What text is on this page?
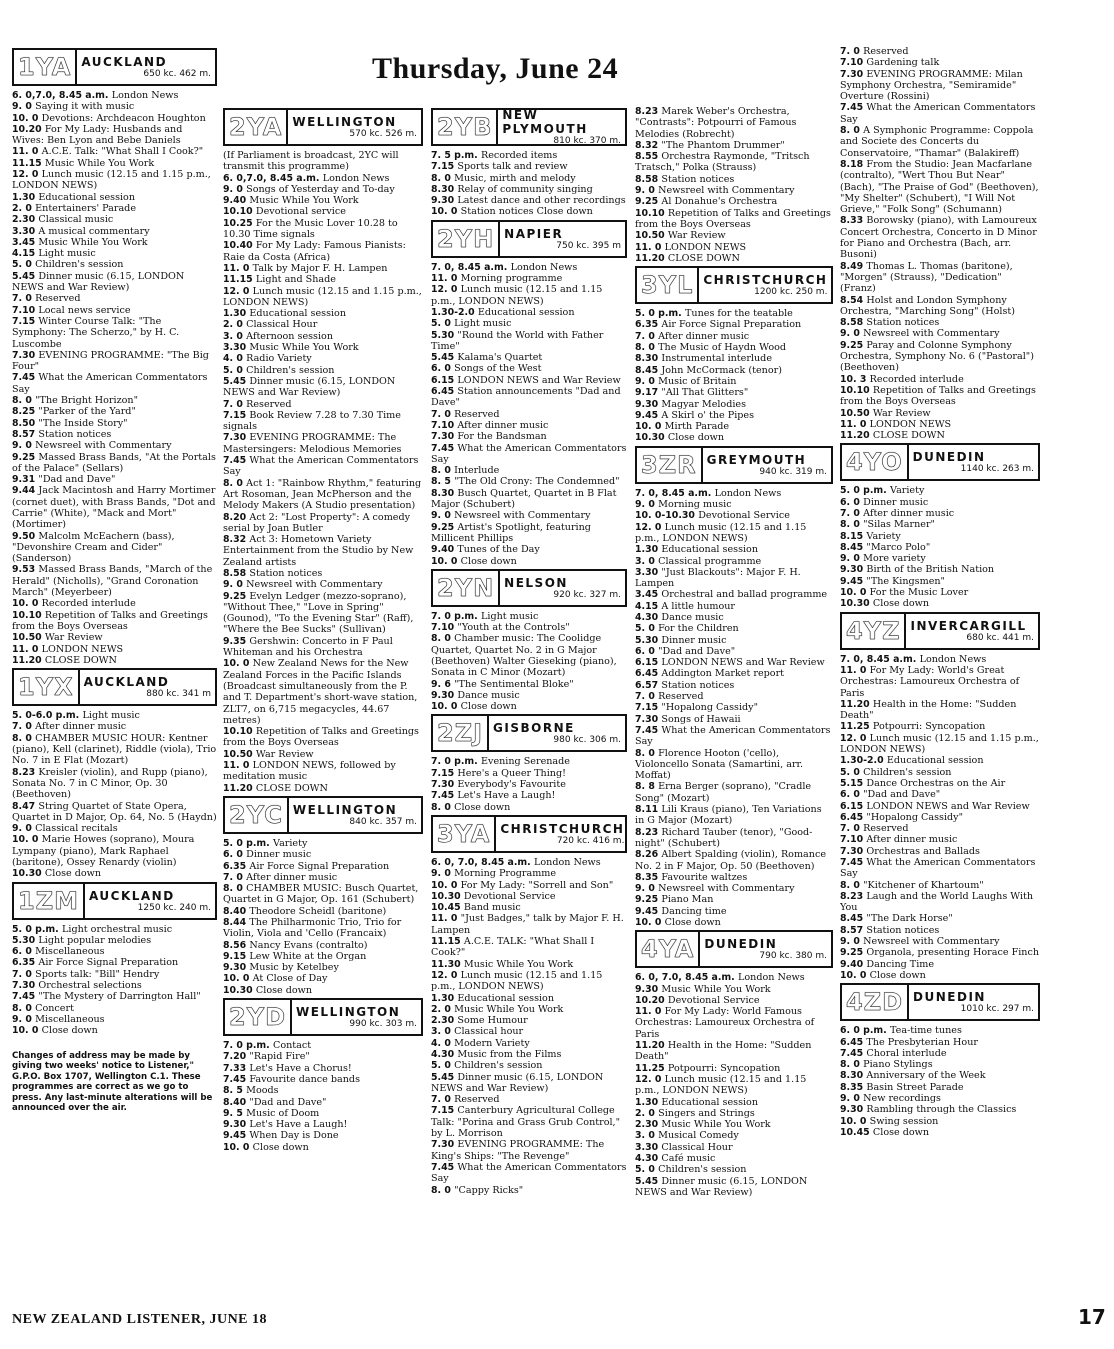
Thursday, June 24
1YA AUCKLAND
650 kc. 462 m.

6. 0,7.0, 8.45 a.m. London News

9. 0 Saying it with music

10. 0 Devotions: Archdeacon Houghton

10.20 For My Lady: Husbands and Wives: Ben Lyon and Bebe Daniels

11. 0 A.C.E. Talk: "What Shall I Cook?"

11.15 Music While You Work

12. 0 Lunch music (12.15 and 1.15 p.m., LONDON NEWS)

1.30 Educational session

2. 0 Entertainers' Parade

2.30 Classical music

3.30 A musical commentary

3.45 Music While You Work

4.15 Light music

5. 0 Children's session

5.45 Dinner music (6.15, LONDON NEWS and War Review)

7. 0 Reserved

7.10 Local news service

7.15 Winter Course Talk: "The Symphony: The Scherzo," by H. C. Luscombe

7.30 EVENING PROGRAMME: "The Big Four"

7.45 What the American Commentators Say

8. 0 "The Bright Horizon"

8.25 "Parker of the Yard"

8.50 "The Inside Story"

8.57 Station notices

9. 0 Newsreel with Commentary

9.25 Massed Brass Bands, "At the Portals of the Palace" (Sellars)

9.31 "Dad and Dave"

9.44 Jack Macintosh and Harry Mortimer (cornet duet), with Brass Bands, "Dot and Carrie" (White), "Mack and Mort" (Mortimer)

9.50 Malcolm McEachern (bass), "Devonshire Cream and Cider" (Sanderson)

9.53 Massed Brass Bands, "March of the Herald" (Nicholls), "Grand Coronation March" (Meyerbeer)

10. 0 Recorded interlude

10.10 Repetition of Talks and Greetings from the Boys Overseas

10.50 War Review

11. 0 LONDON NEWS

11.20 CLOSE DOWN

1YX AUCKLAND
880 kc. 341 m

5. 0-6.0 p.m. Light music

7. 0 After dinner music

8. 0 CHAMBER MUSIC HOUR: Kentner (piano), Kell (clarinet), Riddle (viola), Trio No. 7 in E Flat (Mozart)

8.23 Kreisler (violin), and Rupp (piano), Sonata No. 7 in C Minor, Op. 30 (Beethoven)

8.47 String Quartet of State Opera, Quartet in D Major, Op. 64, No. 5 (Haydn)

9. 0 Classical recitals

10. 0 Marie Howes (soprano), Moura Lympany (piano), Mark Raphael (baritone), Ossey Renardy (violin)

10.30 Close down

1ZM AUCKLAND
1250 kc. 240 m.

5. 0 p.m. Light orchestral music

5.30 Light popular melodies

6. 0 Miscellaneous

6.35 Air Force Signal Preparation

7. 0 Sports talk: "Bill" Hendry

7.30 Orchestral selections

7.45 "The Mystery of Darrington Hall"

8. 0 Concert

9. 0 Miscellaneous

10. 0 Close down

Changes of address may be made by giving two weeks' notice to Listener," G.P.O. Box 1707, Wellington C.1. These programmes are correct as we go to press. Any last-minute alterations will be announced over the air.
2YA WELLINGTON
570 kc. 526 m.

(If Parliament is broadcast, 2YC will transmit this programme)

6. 0,7.0, 8.45 a.m. London News

9. 0 Songs of Yesterday and To-day

9.40 Music While You Work

10.10 Devotional service

10.25 For the Music Lover 10.28 to 10.30 Time signals

10.40 For My Lady: Famous Pianists: Raie da Costa (Africa)

11. 0 Talk by Major F. H. Lampen

11.15 Light and Shade

12. 0 Lunch music (12.15 and 1.15 p.m., LONDON NEWS)

1.30 Educational session

2. 0 Classical Hour

3. 0 Afternoon session

3.30 Music While You Work

4. 0 Radio Variety

5. 0 Children's session

5.45 Dinner music (6.15, LONDON NEWS and War Review)

7. 0 Reserved

7.15 Book Review 7.28 to 7.30 Time signals

7.30 EVENING PROGRAMME: The Mastersingers: Melodious Memories

7.45 What the American Commentators Say

8. 0 Act 1: "Rainbow Rhythm," featuring Art Rosoman, Jean McPherson and the Melody Makers (A Studio presentation)

8.20 Act 2: "Lost Property": A comedy serial by Joan Butler

8.32 Act 3: Hometown Variety Entertainment from the Studio by New Zealand artists

8.58 Station notices

9. 0 Newsreel with Commentary

9.25 Evelyn Ledger (mezzo-soprano), "Without Thee," "Love in Spring" (Gounod), "To the Evening Star" (Raff), "Where the Bee Sucks" (Sullivan)

9.35 Gershwin: Concerto in F Paul Whiteman and his Orchestra

10. 0 New Zealand News for the New Zealand Forces in the Pacific Islands (Broadcast simultaneously from the P. and T. Department's short-wave station, ZLT7, on 6,715 megacycles, 44.67 metres)

10.10 Repetition of Talks and Greetings from the Boys Overseas

10.50 War Review

11. 0 LONDON NEWS, followed by meditation music

11.20 CLOSE DOWN

2YC WELLINGTON
840 kc. 357 m.

5. 0 p.m. Variety

6. 0 Dinner music

6.35 Air Force Signal Preparation

7. 0 After dinner music

8. 0 CHAMBER MUSIC: Busch Quartet, Quartet in G Major, Op. 161 (Schubert)

8.40 Theodore Scheidl (baritone)

8.44 The Philharmonic Trio, Trio for Violin, Viola and 'Cello (Francaix)

8.56 Nancy Evans (contralto)

9.15 Lew White at the Organ

9.30 Music by Ketelbey

10. 0 At Close of Day

10.30 Close down

2YD WELLINGTON
990 kc. 303 m.

7. 0 p.m. Contact

7.20 "Rapid Fire"

7.33 Let's Have a Chorus!

7.45 Favourite dance bands

8. 5 Moods

8.40 "Dad and Dave"

9. 5 Music of Doom

9.30 Let's Have a Laugh!

9.45 When Day is Done

10. 0 Close down

2YB NEW PLYMOUTH
810 kc. 370 m.

7. 5 p.m. Recorded items

7.15 Sports talk and review

8. 0 Music, mirth and melody

8.30 Relay of community singing

9.30 Latest dance and other recordings

10. 0 Station notices Close down

2YH NAPIER
750 kc. 395 m

7. 0, 8.45 a.m. London News

11. 0 Morning programme

12. 0 Lunch music (12.15 and 1.15 p.m., LONDON NEWS)

1.30-2.0 Educational session

5. 0 Light music

5.30 "Round the World with Father Time"

5.45 Kalama's Quartet

6. 0 Songs of the West

6.15 LONDON NEWS and War Review

6.45 Station announcements "Dad and Dave"

7. 0 Reserved

7.10 After dinner music

7.30 For the Bandsman

7.45 What the American Commentators Say

8. 0 Interlude

8. 5 "The Old Crony: The Condemned"

8.30 Busch Quartet, Quartet in B Flat Major (Schubert)

9. 0 Newsreel with Commentary

9.25 Artist's Spotlight, featuring Millicent Phillips

9.40 Tunes of the Day

10. 0 Close down

2YN NELSON
920 kc. 327 m.

7. 0 p.m. Light music

7.10 "Youth at the Controls"

8. 0 Chamber music: The Coolidge Quartet, Quartet No. 2 in G Major (Beethoven) Walter Gieseking (piano), Sonata in C Minor (Mozart)

9. 6 "The Sentimental Bloke"

9.30 Dance music

10. 0 Close down

2ZJ GISBORNE
980 kc. 306 m.

7. 0 p.m. Evening Serenade

7.15 Here's a Queer Thing!

7.30 Everybody's Favourite

7.45 Let's Have a Laugh!

8. 0 Close down

3YA CHRISTCHURCH
720 kc. 416 m.

6. 0, 7.0, 8.45 a.m. London News

9. 0 Morning Programme

10. 0 For My Lady: "Sorrell and Son"

10.30 Devotional Service

10.45 Band music

11. 0 "Just Badges," talk by Major F. H. Lampen

11.15 A.C.E. TALK: "What Shall I Cook?"

11.30 Music While You Work

12. 0 Lunch music (12.15 and 1.15 p.m., LONDON NEWS)

1.30 Educational session

2. 0 Music While You Work

2.30 Some Humour

3. 0 Classical hour

4. 0 Modern Variety

4.30 Music from the Films

5. 0 Children's session

5.45 Dinner music (6.15, LONDON NEWS and War Review)

7. 0 Reserved

7.15 Canterbury Agricultural College Talk: "Porina and Grass Grub Control," by L. Morrison

7.30 EVENING PROGRAMME: The King's Ships: "The Revenge"

7.45 What the American Commentators Say

8. 0 "Cappy Ricks"

8.23 Marek Weber's Orchestra, "Contrasts": Potpourri of Famous Melodies (Robrecht)

8.32 "The Phantom Drummer"

8.55 Orchestra Raymonde, "Tritsch Tratsch," Polka (Strauss)

8.58 Station notices

9. 0 Newsreel with Commentary

9.25 Al Donahue's Orchestra

10.10 Repetition of Talks and Greetings from the Boys Overseas

10.50 War Review

11. 0 LONDON NEWS

11.20 CLOSE DOWN

3YL CHRISTCHURCH
1200 kc. 250 m.

5. 0 p.m. Tunes for the teatable

6.35 Air Force Signal Preparation

7. 0 After dinner music

8. 0 The Music of Haydn Wood

8.30 Instrumental interlude

8.45 John McCormack (tenor)

9. 0 Music of Britain

9.17 "All That Glitters"

9.30 Magyar Melodies

9.45 A Skirl o' the Pipes

10. 0 Mirth Parade

10.30 Close down

3ZR GREYMOUTH
940 kc. 319 m.

7. 0, 8.45 a.m. London News

9. 0 Morning music

10. 0-10.30 Devotional Service

12. 0 Lunch music (12.15 and 1.15 p.m., LONDON NEWS)

1.30 Educational session

3. 0 Classical programme

3.30 "Just Blackouts": Major F. H. Lampen

3.45 Orchestral and ballad programme

4.15 A little humour

4.30 Dance music

5. 0 For the Children

5.30 Dinner music

6. 0 "Dad and Dave"

6.15 LONDON NEWS and War Review

6.45 Addington Market report

6.57 Station notices

7. 0 Reserved

7.15 "Hopalong Cassidy"

7.30 Songs of Hawaii

7.45 What the American Commentators Say

8. 0 Florence Hooton ('cello), Violoncello Sonata (Samartini, arr. Moffat)

8. 8 Erna Berger (soprano), "Cradle Song" (Mozart)

8.11 Lili Kraus (piano), Ten Variations in G Major (Mozart)

8.23 Richard Tauber (tenor), "Good-night" (Schubert)

8.26 Albert Spalding (violin), Romance No. 2 in F Major, Op. 50 (Beethoven)

8.35 Favourite waltzes

9. 0 Newsreel with Commentary

9.25 Piano Man

9.45 Dancing time

10. 0 Close down

4YA DUNEDIN
790 kc. 380 m.

6. 0, 7.0, 8.45 a.m. London News

9.30 Music While You Work

10.20 Devotional Service

11. 0 For My Lady: World Famous Orchestras: Lamoureux Orchestra of Paris

11.20 Health in the Home: "Sudden Death"

11.25 Potpourri: Syncopation

12. 0 Lunch music (12.15 and 1.15 p.m., LONDON NEWS)

1.30 Educational session

2. 0 Singers and Strings

2.30 Music While You Work

3. 0 Musical Comedy

3.30 Classical Hour

4.30 Café music

5. 0 Children's session

5.45 Dinner music (6.15, LONDON NEWS and War Review)

7. 0 Reserved

7.10 Gardening talk

7.30 EVENING PROGRAMME: Milan Symphony Orchestra, "Semiramide" Overture (Rossini)

7.45 What the American Commentators Say

8. 0 A Symphonic Programme: Coppola and Societe des Concerts du Conservatoire, "Thamar" (Balakireff)

8.18 From the Studio: Jean Macfarlane (contralto), "Wert Thou But Near" (Bach), "The Praise of God" (Beethoven), "My Shelter" (Schubert), "I Will Not Grieve," "Folk Song" (Schumann)

8.33 Borowsky (piano), with Lamoureux Concert Orchestra, Concerto in D Minor for Piano and Orchestra (Bach, arr. Busoni)

8.49 Thomas L. Thomas (baritone), "Morgen" (Strauss), "Dedication" (Franz)

8.54 Holst and London Symphony Orchestra, "Marching Song" (Holst)

8.58 Station notices

9. 0 Newsreel with Commentary

9.25 Paray and Colonne Symphony Orchestra, Symphony No. 6 ("Pastoral") (Beethoven)

10. 3 Recorded interlude

10.10 Repetition of Talks and Greetings from the Boys Overseas

10.50 War Review

11. 0 LONDON NEWS

11.20 CLOSE DOWN

4YO DUNEDIN
1140 kc. 263 m.

5. 0 p.m. Variety

6. 0 Dinner music

7. 0 After dinner music

8. 0 "Silas Marner"

8.15 Variety

8.45 "Marco Polo"

9. 0 More variety

9.30 Birth of the British Nation

9.45 "The Kingsmen"

10. 0 For the Music Lover

10.30 Close down

4YZ INVERCARGILL
680 kc. 441 m.

7. 0, 8.45 a.m. London News

11. 0 For My Lady: World's Great Orchestras: Lamoureux Orchestra of Paris

11.20 Health in the Home: "Sudden Death"

11.25 Potpourri: Syncopation

12. 0 Lunch music (12.15 and 1.15 p.m., LONDON NEWS)

1.30-2.0 Educational session

5. 0 Children's session

5.15 Dance Orchestras on the Air

6. 0 "Dad and Dave"

6.15 LONDON NEWS and War Review

6.45 "Hopalong Cassidy"

7. 0 Reserved

7.10 After dinner music

7.30 Orchestras and Ballads

7.45 What the American Commentators Say

8. 0 "Kitchener of Khartoum"

8.23 Laugh and the World Laughs With You

8.45 "The Dark Horse"

8.57 Station notices

9. 0 Newsreel with Commentary

9.25 Organola, presenting Horace Finch

9.40 Dancing Time

10. 0 Close down

4ZD DUNEDIN
1010 kc. 297 m.

6. 0 p.m. Tea-time tunes

6.45 The Presbyterian Hour

7.45 Choral interlude

8. 0 Piano Stylings

8.30 Anniversary of the Week

8.35 Basin Street Parade

9. 0 New recordings

9.30 Rambling through the Classics

10. 0 Swing session

10.45 Close down

NEW ZEALAND LISTENER, JUNE 18	17
